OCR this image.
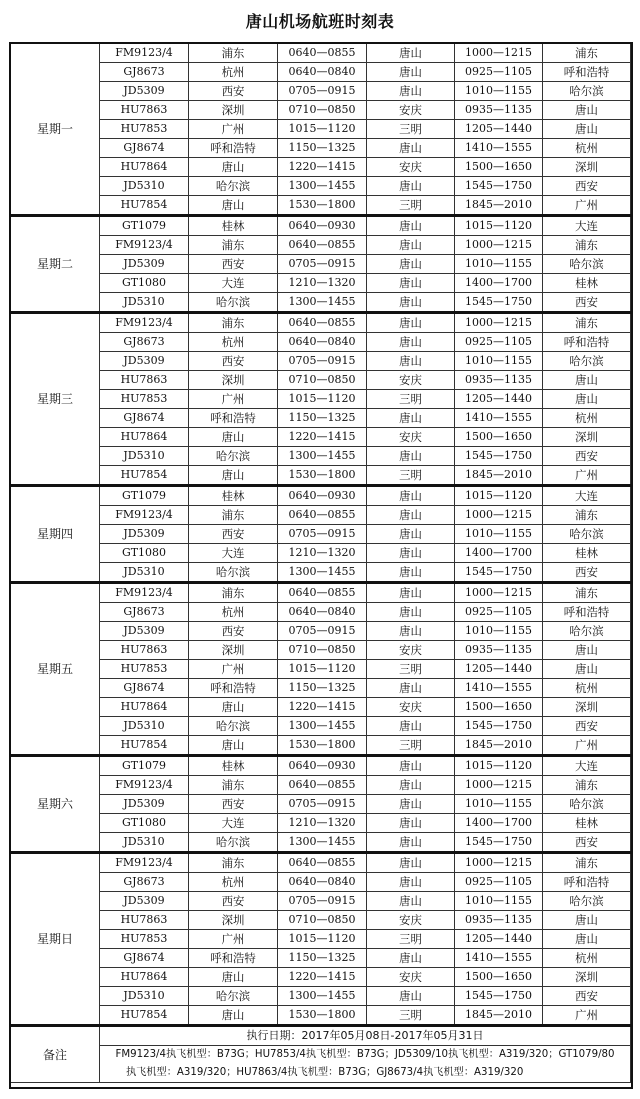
唐山机场航班时刻表
星期一	FM9123/4	浦东	0640—0855	唐山	1000—1215	浦东
	GJ8673	杭州	0640—0840	唐山	0925—1105	呼和浩特
	JD5309	西安	0705—0915	唐山	1010—1155	哈尔滨
	HU7863	深圳	0710—0850	安庆	0935—1135	唐山
	HU7853	广州	1015—1120	三明	1205—1440	唐山
	GJ8674	呼和浩特	1150—1325	唐山	1410—1555	杭州
	HU7864	唐山	1220—1415	安庆	1500—1650	深圳
	JD5310	哈尔滨	1300—1455	唐山	1545—1750	西安
	HU7854	唐山	1530—1800	三明	1845—2010	广州
星期二	GT1079	桂林	0640—0930	唐山	1015—1120	大连
	FM9123/4	浦东	0640—0855	唐山	1000—1215	浦东
	JD5309	西安	0705—0915	唐山	1010—1155	哈尔滨
	GT1080	大连	1210—1320	唐山	1400—1700	桂林
	JD5310	哈尔滨	1300—1455	唐山	1545—1750	西安
星期三	FM9123/4	浦东	0640—0855	唐山	1000—1215	浦东
	GJ8673	杭州	0640—0840	唐山	0925—1105	呼和浩特
	JD5309	西安	0705—0915	唐山	1010—1155	哈尔滨
	HU7863	深圳	0710—0850	安庆	0935—1135	唐山
	HU7853	广州	1015—1120	三明	1205—1440	唐山
	GJ8674	呼和浩特	1150—1325	唐山	1410—1555	杭州
	HU7864	唐山	1220—1415	安庆	1500—1650	深圳
	JD5310	哈尔滨	1300—1455	唐山	1545—1750	西安
	HU7854	唐山	1530—1800	三明	1845—2010	广州
星期四	GT1079	桂林	0640—0930	唐山	1015—1120	大连
	FM9123/4	浦东	0640—0855	唐山	1000—1215	浦东
	JD5309	西安	0705—0915	唐山	1010—1155	哈尔滨
	GT1080	大连	1210—1320	唐山	1400—1700	桂林
	JD5310	哈尔滨	1300—1455	唐山	1545—1750	西安
星期五	FM9123/4	浦东	0640—0855	唐山	1000—1215	浦东
	GJ8673	杭州	0640—0840	唐山	0925—1105	呼和浩特
	JD5309	西安	0705—0915	唐山	1010—1155	哈尔滨
	HU7863	深圳	0710—0850	安庆	0935—1135	唐山
	HU7853	广州	1015—1120	三明	1205—1440	唐山
	GJ8674	呼和浩特	1150—1325	唐山	1410—1555	杭州
	HU7864	唐山	1220—1415	安庆	1500—1650	深圳
	JD5310	哈尔滨	1300—1455	唐山	1545—1750	西安
	HU7854	唐山	1530—1800	三明	1845—2010	广州
星期六	GT1079	桂林	0640—0930	唐山	1015—1120	大连
	FM9123/4	浦东	0640—0855	唐山	1000—1215	浦东
	JD5309	西安	0705—0915	唐山	1010—1155	哈尔滨
	GT1080	大连	1210—1320	唐山	1400—1700	桂林
	JD5310	哈尔滨	1300—1455	唐山	1545—1750	西安
星期日	FM9123/4	浦东	0640—0855	唐山	1000—1215	浦东
	GJ8673	杭州	0640—0840	唐山	0925—1105	呼和浩特
	JD5309	西安	0705—0915	唐山	1010—1155	哈尔滨
	HU7863	深圳	0710—0850	安庆	0935—1135	唐山
	HU7853	广州	1015—1120	三明	1205—1440	唐山
	GJ8674	呼和浩特	1150—1325	唐山	1410—1555	杭州
	HU7864	唐山	1220—1415	安庆	1500—1650	深圳
	JD5310	哈尔滨	1300—1455	唐山	1545—1750	西安
	HU7854	唐山	1530—1800	三明	1845—2010	广州
备注	执行日期：2017年05月08日-2017年05月31日					

	FM9123/4执飞机型：B73G；HU7853/4执飞机型：B73G；JD5309/10执飞机型：A319/320；GT1079/80					

	执飞机型：A319/320；HU7863/4执飞机型：B73G；GJ8673/4执飞机型：A319/320					
